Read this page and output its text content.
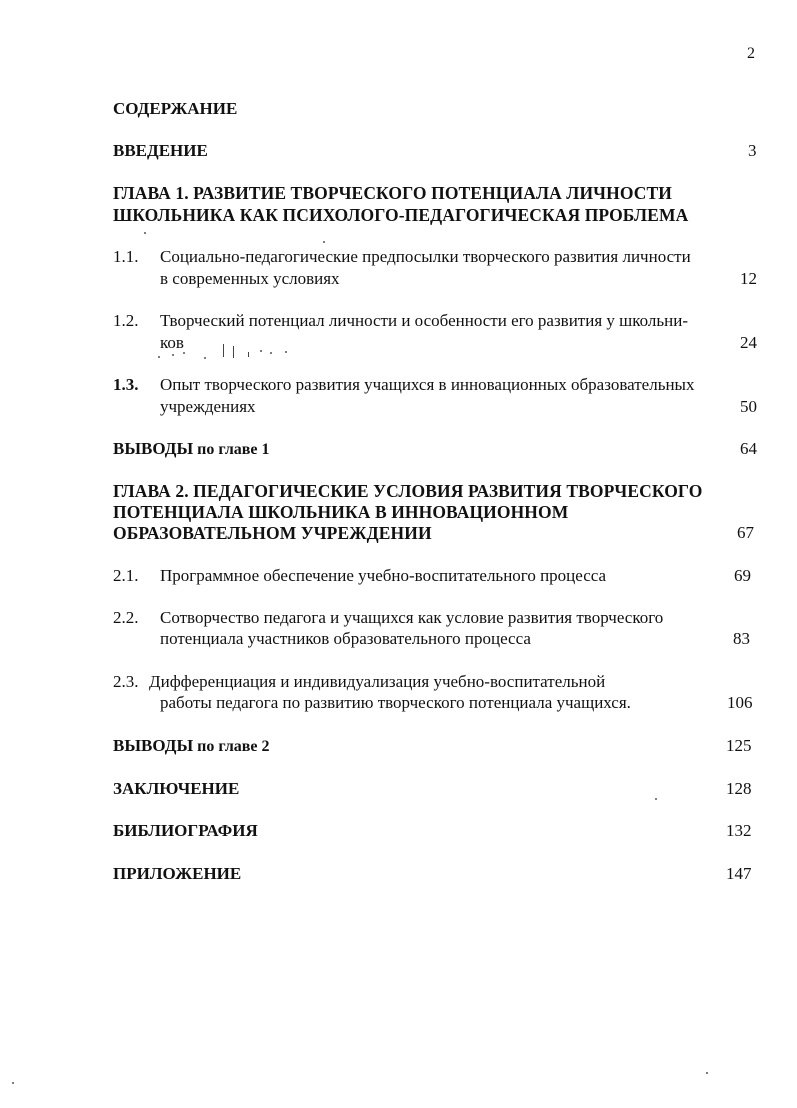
2
СОДЕРЖАНИЕ
ВВЕДЕНИЕ	3
ГЛАВА 1. РАЗВИТИЕ ТВОРЧЕСКОГО ПОТЕНЦИАЛА ЛИЧНОСТИ
ШКОЛЬНИКА КАК ПСИХОЛОГО-ПЕДАГОГИЧЕСКАЯ ПРОБЛЕМА
1.1. Социально-педагогические предпосылки творческого развития личности
в современных условиях	12
1.2. Творческий потенциал личности и особенности его развития у школьни-
ков	24
1.3. Опыт творческого развития учащихся в инновационных образовательных
учреждениях	50
ВЫВОДЫ по главе 1	64
ГЛАВА 2. ПЕДАГОГИЧЕСКИЕ УСЛОВИЯ РАЗВИТИЯ ТВОРЧЕСКОГО
ПОТЕНЦИАЛА ШКОЛЬНИКА В ИННОВАЦИОННОМ
ОБРАЗОВАТЕЛЬНОМ УЧРЕЖДЕНИИ	67
2.1. Программное обеспечение учебно-воспитательного процесса	69
2.2. Сотворчество педагога и учащихся как условие развития творческого
потенциала участников образовательного процесса	83
2.3. Дифференциация и индивидуализация учебно-воспитательной
работы педагога по развитию творческого потенциала учащихся.	106
ВЫВОДЫ по главе 2	125
ЗАКЛЮЧЕНИЕ	128
БИБЛИОГРАФИЯ	132
ПРИЛОЖЕНИЕ	147
